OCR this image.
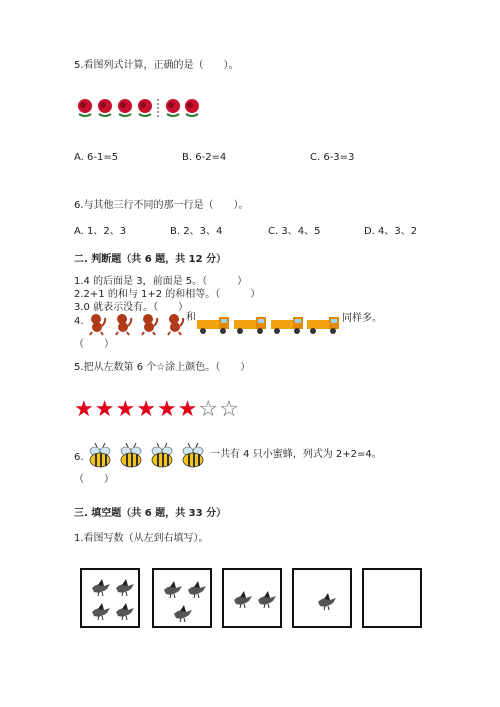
5.看图列式计算，正确的是（　　）。
A. 6-1=5	B. 6-2=4	C. 6-3=3
6.与其他三行不同的那一行是（　　）。
A. 1、2、3	B. 2、3、4	C. 3、4、5	D. 4、3、2
二. 判断题（共 6 题，共 12 分）
1.4 的后面是 3，前面是 5。（　　　）
2.2+1 的和与 1+2 的和相等。（　　　）
3.0 就表示没有。（　　）
4.	和	同样多。
（　　）
5.把从左数第 6 个☆涂上颜色。（　　）
★★★★★★☆☆
6.	一共有 4 只小蜜蜂，列式为 2+2=4。
（　　）
三. 填空题（共 6 题，共 33 分）
1.看图写数（从左到右填写）。
